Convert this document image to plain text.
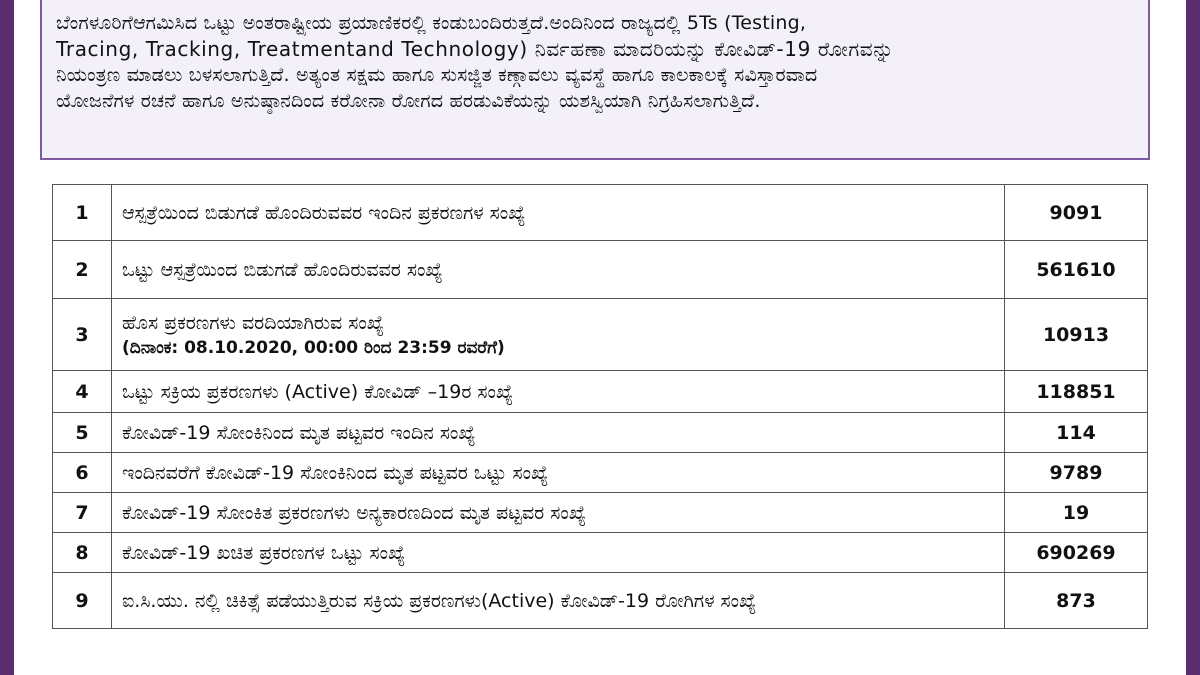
ಬೆಂಗಳೂರಿಗೆಆಗಮಿಸಿದ ಒಟ್ಟು ಅಂತರಾಷ್ಟ್ರೀಯ ಪ್ರಯಾಣಿಕರಲ್ಲಿ ಕಂಡುಬಂದಿರುತ್ತದೆ.ಅಂದಿನಿಂದ ರಾಜ್ಯದಲ್ಲಿ 5Ts (Testing,
Tracing, Tracking, Treatmentand Technology) ನಿರ್ವಹಣಾ ಮಾದರಿಯನ್ನು ಕೋವಿಡ್-19 ರೋಗವನ್ನು
ನಿಯಂತ್ರಣ ಮಾಡಲು ಬಳಸಲಾಗುತ್ತಿದೆ. ಅತ್ಯಂತ ಸಕ್ಷಮ ಹಾಗೂ ಸುಸಜ್ಜಿತ ಕಣ್ಗಾವಲು ವ್ಯವಸ್ಥೆ ಹಾಗೂ ಕಾಲಕಾಲಕ್ಕೆ ಸವಿಸ್ತಾರವಾದ
ಯೋಜನೆಗಳ ರಚನೆ ಹಾಗೂ ಅನುಷ್ಠಾನದಿಂದ ಕರೋನಾ ರೋಗದ ಹರಡುವಿಕೆಯನ್ನು ಯಶಸ್ವಿಯಾಗಿ ನಿಗ್ರಹಿಸಲಾಗುತ್ತಿದೆ.
1	ಆಸ್ಪತ್ರೆಯಿಂದ ಬಿಡುಗಡೆ ಹೊಂದಿರುವವರ ಇಂದಿನ ಪ್ರಕರಣಗಳ ಸಂಖ್ಯೆ	9091
2	ಒಟ್ಟು ಆಸ್ಪತ್ರೆಯಿಂದ ಬಿಡುಗಡೆ ಹೊಂದಿರುವವರ ಸಂಖ್ಯೆ	561610
3	ಹೊಸ ಪ್ರಕರಣಗಳು ವರದಿಯಾಗಿರುವ ಸಂಖ್ಯೆ
(ದಿನಾಂಕ: 08.10.2020, 00:00 ರಿಂದ 23:59 ರವರೆಗೆ)	10913
4	ಒಟ್ಟು ಸಕ್ರಿಯ ಪ್ರಕರಣಗಳು (Active) ಕೋವಿಡ್ –19ರ ಸಂಖ್ಯೆ	118851
5	ಕೋವಿಡ್-19 ಸೋಂಕಿನಿಂದ ಮೃತ ಪಟ್ಟವರ ಇಂದಿನ ಸಂಖ್ಯೆ	114
6	ಇಂದಿನವರೆಗೆ ಕೋವಿಡ್-19 ಸೋಂಕಿನಿಂದ ಮೃತ ಪಟ್ಟವರ ಒಟ್ಟು ಸಂಖ್ಯೆ	9789
7	ಕೋವಿಡ್-19 ಸೋಂಕಿತ ಪ್ರಕರಣಗಳು ಅನ್ಯಕಾರಣದಿಂದ ಮೃತ ಪಟ್ಟವರ ಸಂಖ್ಯೆ	19
8	ಕೋವಿಡ್-19 ಖಚಿತ ಪ್ರಕರಣಗಳ ಒಟ್ಟು ಸಂಖ್ಯೆ	690269
9	ಐ.ಸಿ.ಯು. ನಲ್ಲಿ ಚಿಕಿತ್ಸೆ ಪಡೆಯುತ್ತಿರುವ ಸಕ್ರಿಯ ಪ್ರಕರಣಗಳು(Active) ಕೋವಿಡ್-19 ರೋಗಿಗಳ ಸಂಖ್ಯೆ	873
